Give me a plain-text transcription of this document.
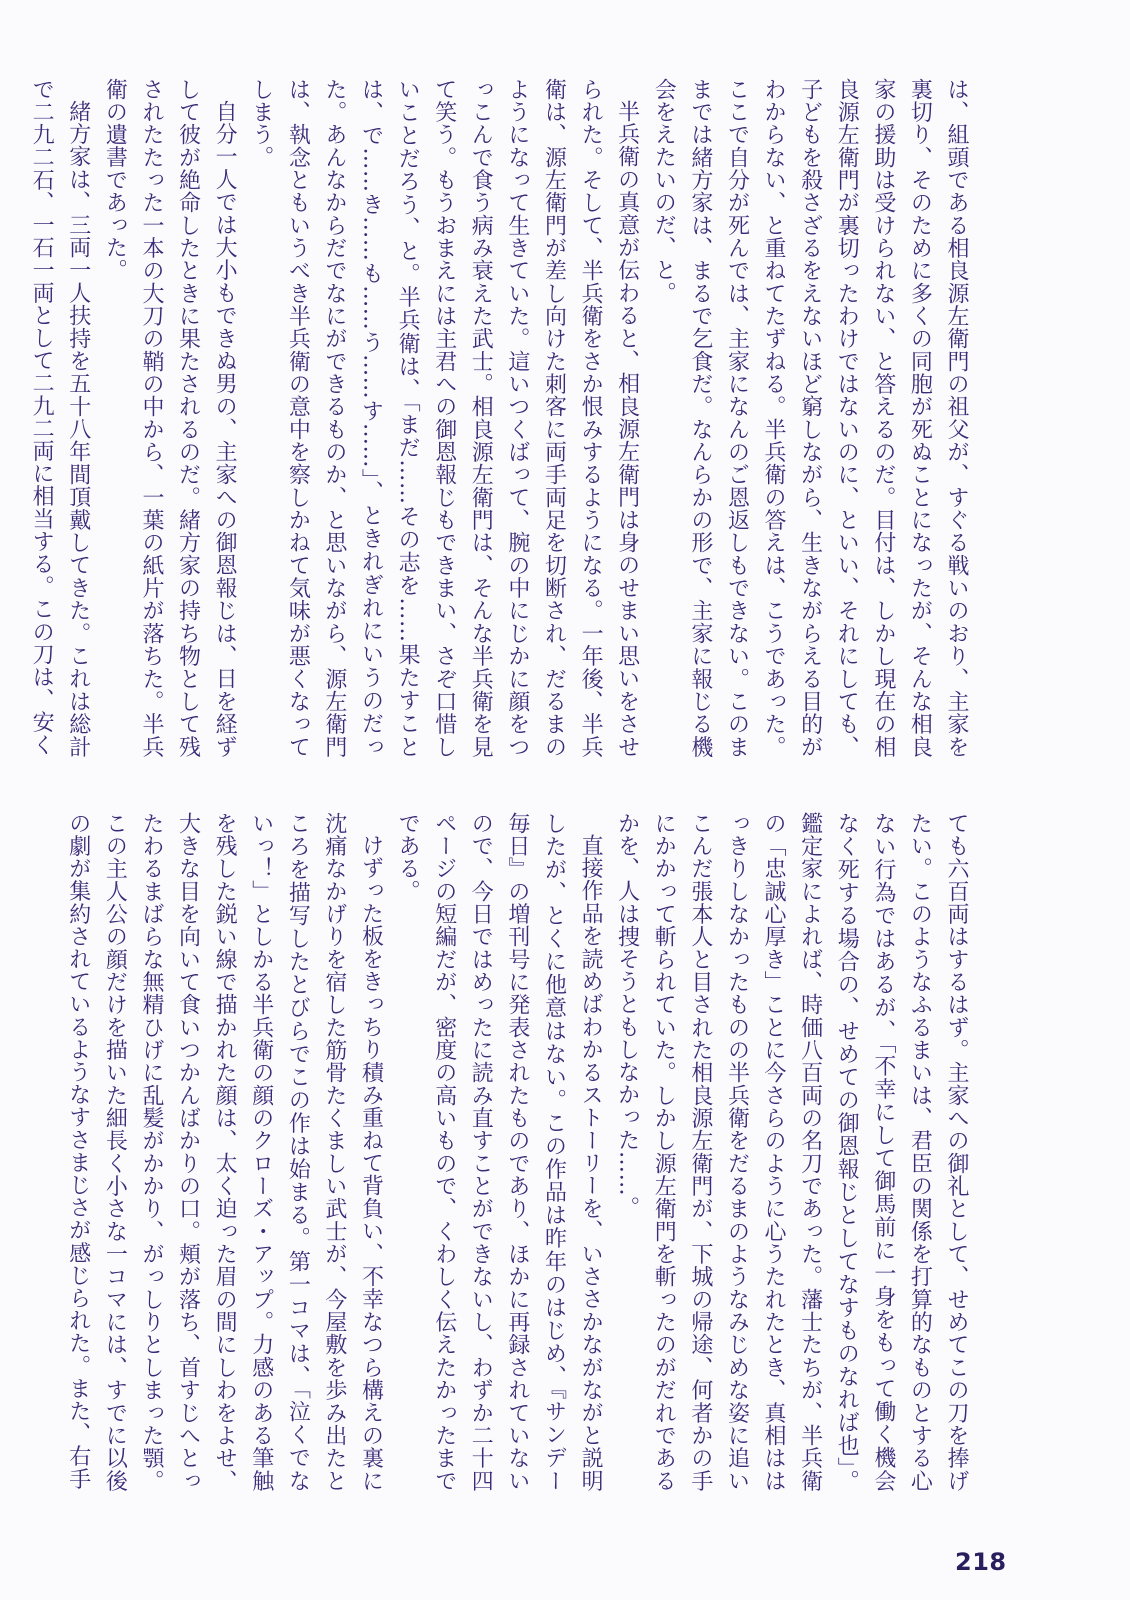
は、組頭である相良源左衛門の祖父が、すぐる戦いのおり、主家を裏切り、そのために多くの同胞が死ぬことになったが、そんな相良家の援助は受けられない、と答えるのだ。目付は、しかし現在の相良源左衛門が裏切ったわけではないのに、といい、それにしても、子どもを殺さざるをえないほど窮しながら、生きながらえる目的がわからない、と重ねてたずねる。半兵衛の答えは、こうであった。ここで自分が死んでは、主家になんのご恩返しもできない。このままでは緒方家は、まるで乞食だ。なんらかの形で、主家に報じる機会をえたいのだ、と。

半兵衛の真意が伝わると、相良源左衛門は身のせまい思いをさせられた。そして、半兵衛をさか恨みするようになる。一年後、半兵衛は、源左衛門が差し向けた刺客に両手両足を切断され、だるまのようになって生きていた。這いつくばって、腕の中にじかに顔をつっこんで食う病み衰えた武士。相良源左衛門は、そんな半兵衛を見て笑う。もうおまえには主君への御恩報じもできまい、さぞ口惜しいことだろう、と。半兵衛は、「まだ……その志を……果たすことは、で……き……も……う……す……」、ときれぎれにいうのだった。あんなからだでなにができるものか、と思いながら、源左衛門は、執念ともいうべき半兵衛の意中を察しかねて気味が悪くなってしまう。

自分一人では大小もできぬ男の、主家への御恩報じは、日を経ずして彼が絶命したときに果たされるのだ。緒方家の持ち物として残されたたった一本の大刀の鞘の中から、一葉の紙片が落ちた。半兵衛の遺書であった。

緒方家は、三両一人扶持を五十八年間頂戴してきた。これは総計で二九二石、一石一両として二九二両に相当する。この刀は、安く

ても六百両はするはず。主家への御礼として、せめてこの刀を捧げたい。このようなふるまいは、君臣の関係を打算的なものとする心ない行為ではあるが、「不幸にして御馬前に一身をもって働く機会なく死する場合の、せめての御恩報じとしてなすものなれば也」。鑑定家によれば、時価八百両の名刀であった。藩士たちが、半兵衛の「忠誠心厚き」ことに今さらのように心うたれたとき、真相ははっきりしなかったものの半兵衛をだるまのようなみじめな姿に追いこんだ張本人と目された相良源左衛門が、下城の帰途、何者かの手にかかって斬られていた。しかし源左衛門を斬ったのがだれであるかを、人は捜そうともしなかった……。

直接作品を読めばわかるストーリーを、いささかながながと説明したが、とくに他意はない。この作品は昨年のはじめ、『サンデー毎日』の増刊号に発表されたものであり、ほかに再録されていないので、今日ではめったに読み直すことができないし、わずか二十四ページの短編だが、密度の高いもので、くわしく伝えたかったまでである。

けずった板をきっちり積み重ねて背負い、不幸なつら構えの裏に沈痛なかげりを宿した筋骨たくましい武士が、今屋敷を歩み出たところを描写したとびらでこの作は始まる。第一コマは、「泣くでないっ！」としかる半兵衛の顔のクローズ・アップ。力感のある筆触を残した鋭い線で描かれた顔は、太く迫った眉の間にしわをよせ、大きな目を向いて食いつかんばかりの口。頬が落ち、首すじへとったわるまばらな無精ひげに乱髪がかかり、がっしりとしまった顎。この主人公の顔だけを描いた細長く小さな一コマには、すでに以後の劇が集約されているようなすさまじさが感じられた。また、右手

218
